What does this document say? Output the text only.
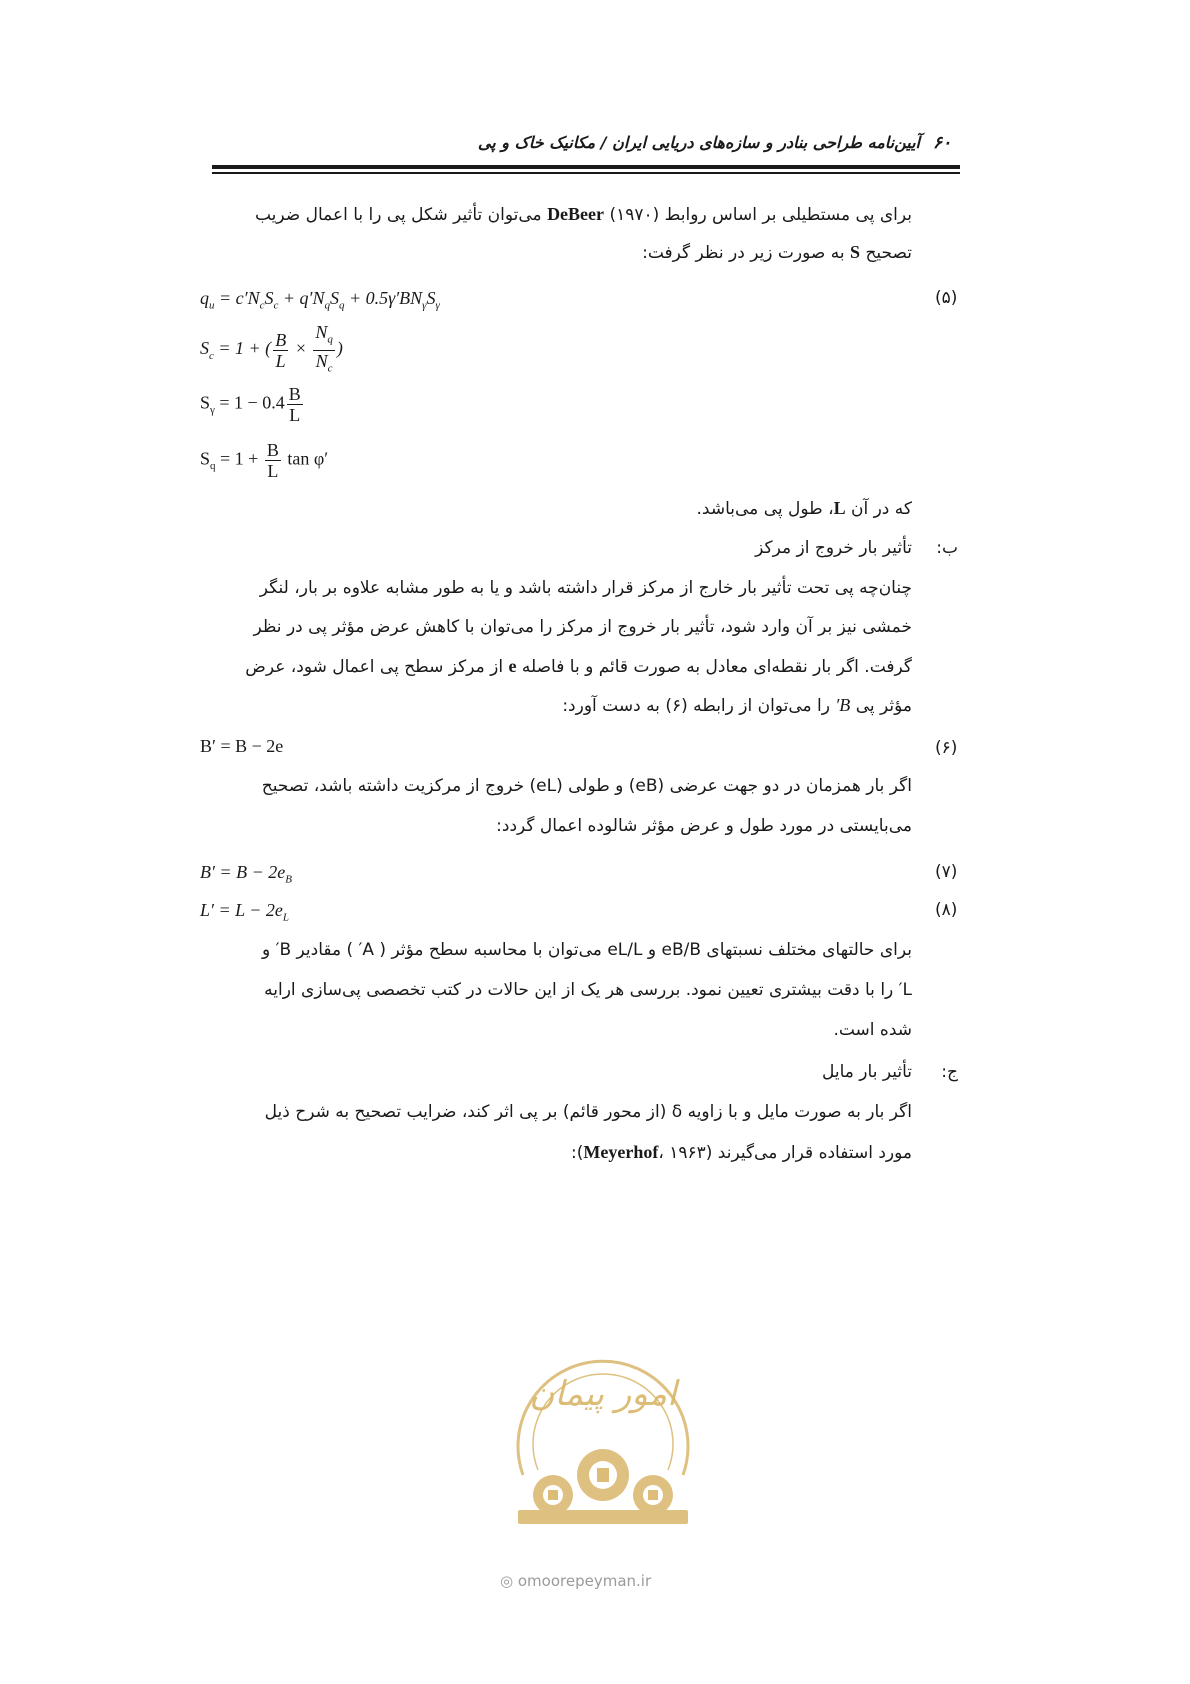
آیین‌نامه طراحی بنادر و سازه‌های دریایی ایران / مکانیک خاک و پی ۶۰
برای پی مستطیلی بر اساس روابط DeBeer (۱۹۷۰) می‌توان تأثیر شکل پی را با اعمال ضریب
تصحیح S به صورت زیر در نظر گرفت:
$q_u = c'N_cS_c + q'N_qS_q + 0.5\gamma'BN_\gamma S_\gamma$	(۵)
$S_c = 1$ + ( $\frac{B}{L} \times \frac{N_q}{N_c}$ )
$S_\gamma = 1 - 0.4 \frac{B}{L}$
$S_q = 1 + \frac{B}{L}$ tan φ′
که در آن L، طول پی می‌باشد.
ب:
تأثیر بار خروج از مرکز
چنان‌چه پی تحت تأثیر بار خارج از مرکز قرار داشته باشد و یا به طور مشابه علاوه بر بار، لنگر
خمشی نیز بر آن وارد شود، تأثیر بار خروج از مرکز را می‌توان با کاهش عرض مؤثر پی در نظر
گرفت. اگر بار نقطه‌ای معادل به صورت قائم و با فاصله e از مرکز سطح پی اعمال شود، عرض
مؤثر پی B′ را می‌توان از رابطه (۶) به دست آورد:
B′ = B − 2e	(۶)
اگر بار همزمان در دو جهت عرضی (eB) و طولی (eL) خروج از مرکزیت داشته باشد، تصحیح
می‌بایستی در مورد طول و عرض مؤثر شالوده اعمال گردد:
$B' = B - 2e_B$	(۷)
$L' = L - 2e_L$	(۸)
برای حالتهای مختلف نسبتهای eB/B و eL/L می‌توان با محاسبه سطح مؤثر ( A′ ) مقادیر B′ و
L′ را با دقت بیشتری تعیین نمود. بررسی هر یک از این حالات در کتب تخصصی پی‌سازی ارایه
شده است.
ج:
تأثیر بار مایل
اگر بار به صورت مایل و با زاویه δ (از محور قائم) بر پی اثر کند، ضرایب تصحیح به شرح ذیل
مورد استفاده قرار می‌گیرند (Meyerhof، ۱۹۶۳):
امور پیمان
◎ omoorepeyman.ir
